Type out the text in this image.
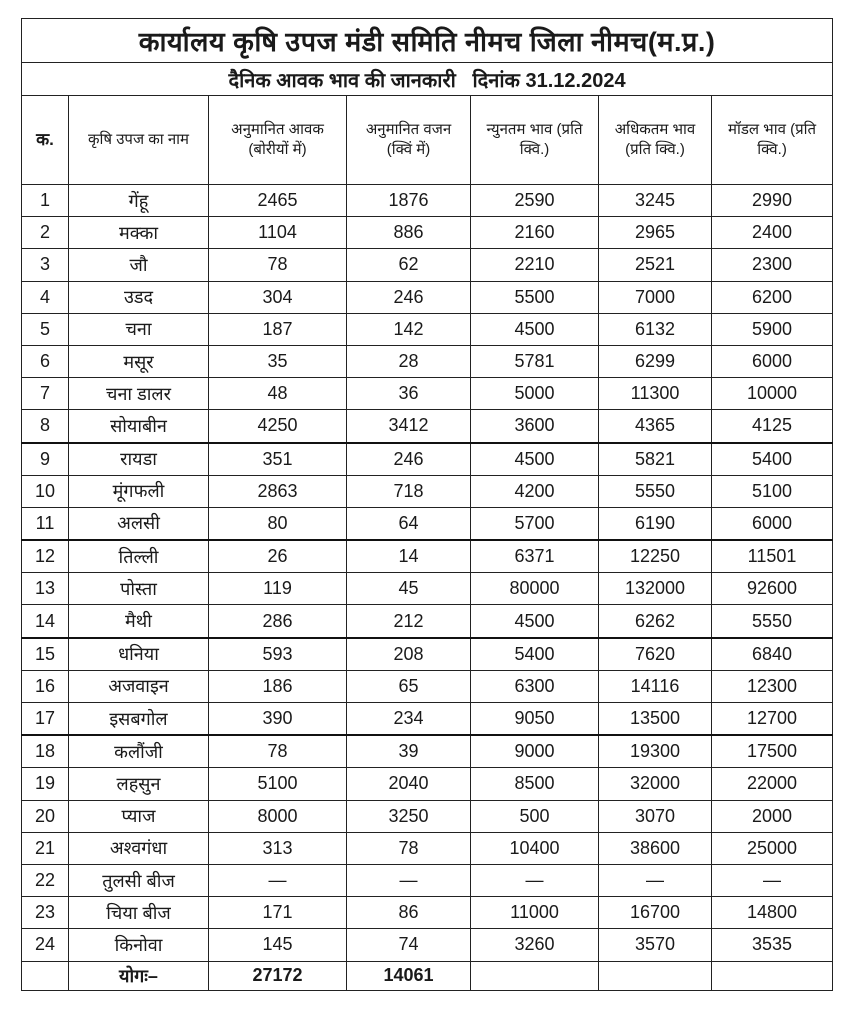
कार्यालय कृषि उपज मंडी समिति नीमच जिला नीमच(म.प्र.)						
दैनिक आवक भाव की जानकारी   दिनांक 31.12.2024						
क.	कृषि उपज का नाम	अनुमानित आवक (बोरीयों में)	अनुमानित वजन (क्विं में)	न्युनतम भाव (प्रति क्वि.)	अधिकतम भाव (प्रति क्वि.)	मॉडल भाव (प्रति क्वि.)
1	गेंहू	2465	1876	2590	3245	2990
2	मक्का	1104	886	2160	2965	2400
3	जौ	78	62	2210	2521	2300
4	उडद	304	246	5500	7000	6200
5	चना	187	142	4500	6132	5900
6	मसूर	35	28	5781	6299	6000
7	चना डालर	48	36	5000	11300	10000
8	सोयाबीन	4250	3412	3600	4365	4125
9	रायडा	351	246	4500	5821	5400
10	मूंगफली	2863	718	4200	5550	5100
11	अलसी	80	64	5700	6190	6000
12	तिल्ली	26	14	6371	12250	11501
13	पोस्ता	119	45	80000	132000	92600
14	मैथी	286	212	4500	6262	5550
15	धनिया	593	208	5400	7620	6840
16	अजवाइन	186	65	6300	14116	12300
17	इसबगोल	390	234	9050	13500	12700
18	कलौंजी	78	39	9000	19300	17500
19	लहसुन	5100	2040	8500	32000	22000
20	प्याज	8000	3250	500	3070	2000
21	अश्वगंधा	313	78	10400	38600	25000
22	तुलसी बीज	—	—	—	—	—
23	चिया बीज	171	86	11000	16700	14800
24	किनोवा	145	74	3260	3570	3535
	योगः–	27172	14061			
